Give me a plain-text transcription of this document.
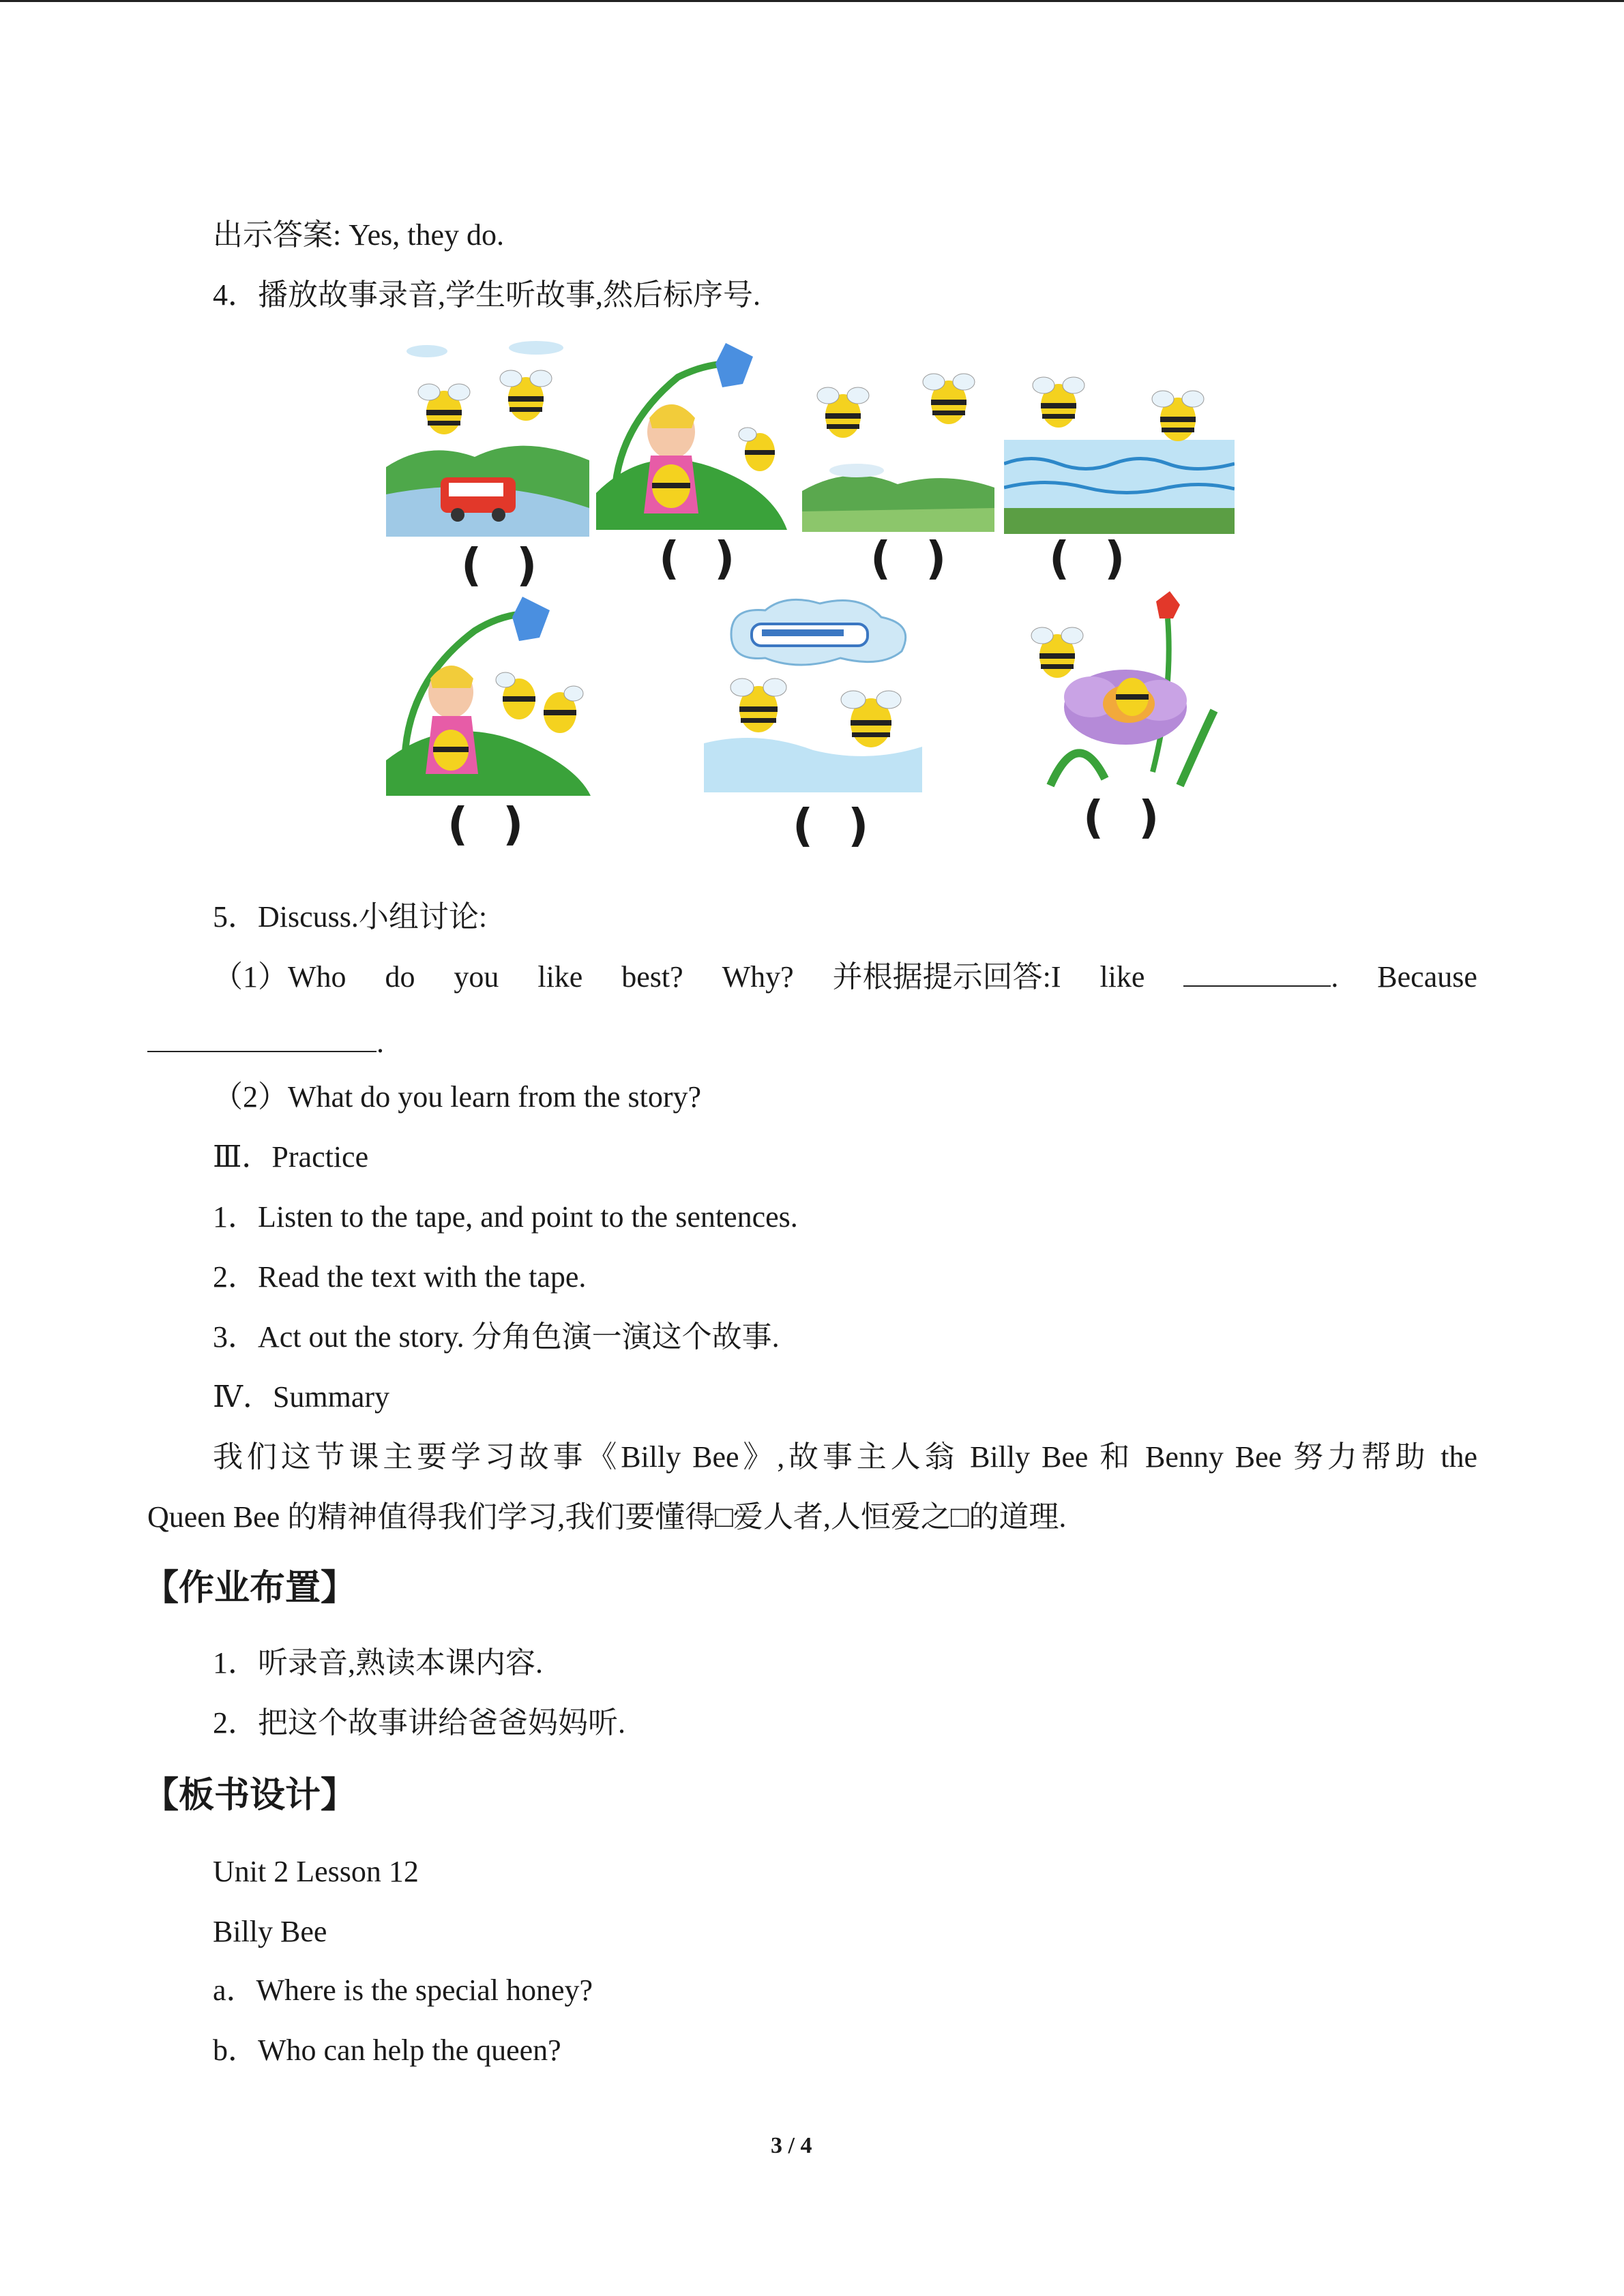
出示答案: Yes, they do.
4．播放故事录音,学生听故事,然后标序号.
( ) ( )	( ) ( )
( )	( )	( )
5．Discuss.小组讨论:
（1）Who do you like best? Why? 并根据提示回答:I like	. Because
.
（2）What do you learn from the story?
Ⅲ．Practice
1．Listen to the tape, and point to the sentences.
2．Read the text with the tape.
3．Act out the story. 分角色演一演这个故事.
Ⅳ．Summary
我们这节课主要学习故事《Billy Bee》,故事主人翁 Billy Bee 和 Benny Bee 努力帮助 the
Queen Bee 的精神值得我们学习,我们要懂得□爱人者,人恒爱之□的道理.
【作业布置】
1．听录音,熟读本课内容.
2．把这个故事讲给爸爸妈妈听.
【板书设计】
Unit 2 Lesson 12
Billy Bee
a．Where is the special honey?
b．Who can help the queen?
3 / 4
